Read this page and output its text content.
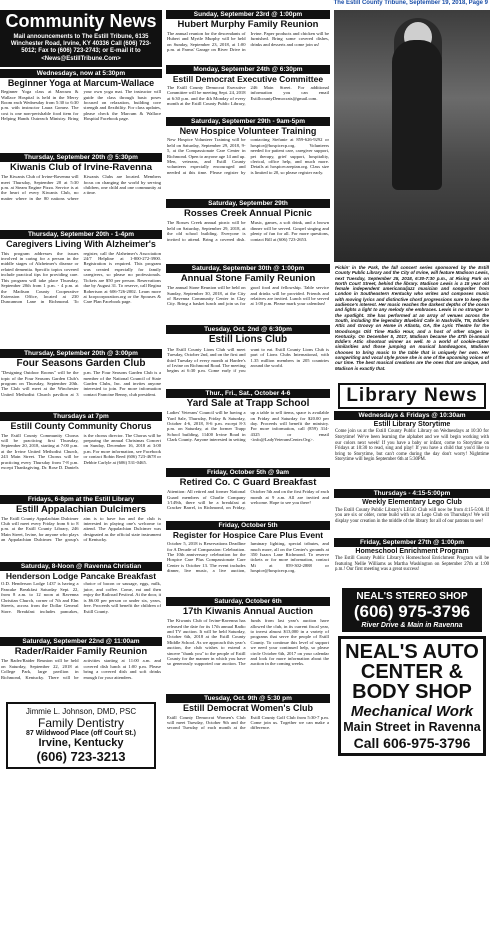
The Estill County Tribune, September 19, 2018, Page 9
Community News
Mail announcements to The Estill Tribune, 6135 Winchester Road, Irvine, KY 40336 Call (606) 723-5012; Fax to (606) 723-2743; or E-mail it to <News@EstillTribune.Com>
Wednesdays, now at 5:30pm
Beginner Yoga at Marcum-Wallace
Beginner Yoga class at Marcum & Wallace Hospital is held in the Merry Room each Wednesday from 5:30 to 6:30 p.m. with instructor Laura Gomez. The cost is one non-perishable food item for Helping Hands Outreach Ministry. Bring your own yoga mat. The instructor will guide the class through basic poses focused on relaxation, building core strength and flexibility. For class updates, please check the Marcum & Wallace Hospital Facebook page.
Thursday, September 20th @ 5:30pm
Kiwanis Club of Irvine-Ravenna
The Kiwanis Club of Irvine-Ravenna will meet Thursday, September 20 at 5:30 p.m. at Steam Engine Pizza. Service is at the heart of every Kiwanis Club, no matter where in the 80 nations where Kiwanis Clubs are located. Members focus on changing the world by serving children, one child and one community at a time.
Thursday, September 20th - 1-4pm
Caregivers Living With Alzheimer's
This program addresses the issues involved in caring for a person in the middle stages of Alzheimer's disease or related dementia. Specific topics covered include practical tips for providing care. This program will take place Thursday, September 20th from 1 p.m. - 4 p.m. at the Madison County Cooperative Extension Office, located at 230 Duncannon Lane in Richmond. To register, call the Alzheimer's Association 24/7 Helpline at 1-800-272-3900. Registration is required. This program was created especially for family caregivers, so please no professionals. Tickets are $50 per person. Reservations due by August 31. To reserve, call Regina Robertson at 606-726-2002. Learn more at kcopcorporation.org or the Spouses & Care Plan Facebook page.
Thursday, September 20th @ 3:00pm
Four Seasons Garden Club
"Designing Outdoor Rooms" will be the topic of the Four Seasons Garden Club's program on Thursday, September 20th. The Club will meet at the Winchester United Methodist Church pavilion at 3 p.m. The Four Seasons Garden Club is a member of the National Council of State Garden Clubs, Inc. and invites anyone interested to join. For more information contact Francine Benny, club president.
Thursdays at 7pm
Estill County Community Chorus
The Estill County Community Chorus will be practicing first Thursday, September 20, 2018, starting at 7:00 p.m. at the Irvine United Methodist Church, 243 Main Street. The Chorus will be practicing every Thursday from 7-8 p.m. except Thanksgiving. Dr. Rose D. Daniels is the chorus director. The Chorus will be preparing the annual Christmas Concert on Sunday, December 16, 2018 at 3:00 p.m. For more information, see Facebook or contact Robin Reed (606) 723-4678 or Debbie Carlyle at (606) 531-0465.
Fridays, 6-8pm at the Estill Library
Estill Appalachian Dulcimers
The Estill County Appalachian Dulcimer Club will meet every Friday from 6 to 8 p.m. at the Estill County Library, 246 Main Street, Irvine, for anyone who plays an Appalachian Dulcimer. The group's aim is to have fun and the club is interested in playing one's welcome to attend. The Appalachian Dulcimer was designated as the official state instrument of Kentucky.
Saturday, 8-Noon @ Ravenna Christian
Henderson Lodge Pancake Breakfast
O.D. Henderson Lodge 1437 is having a Pancake Breakfast Saturday Sept. 22, from 8 a.m. to 12 noon at Ravenna Christian Church, corner of 7th and Elm Streets, across from the Dollar General Store. Breakfast includes pancakes, choice of bacon or sausage, eggs, milk, juice, and coffee. Come, eat and then enjoy the Railroad Festival. At the door, it is $6.00 per person or under six, years, free. Proceeds will benefit the children of Estill County.
Saturday, September 22nd @ 11:00am
Rader/Raider Family Reunion
The Rader/Raider Reunion will be held on Saturday, September 22, 2018 at College Park, large pavilion in Richmond, Kentucky. There will be activities starting at 11:00 a.m. and covered dish lunch at 1:00 p.m. Please bring a covered dish and soft drinks enough for your attendees.
Jimmie L. Johnson, DMD, PSC
Family Dentistry
87 Wildwood Place (off Court St.)
Irvine, Kentucky
(606) 723-3213
Sunday, September 23rd @ 1:00pm
Hubert Murphy Family Reunion
The annual reunion for the descendants of Hubert and Myrtle Murphy will be held on Sunday, September 23, 2018, at 1:00 p.m. at Farms' Garage on River Drive in Irvine. Paper products and chicken will be furnished. Bring some covered dishes, drinks and desserts and come join us!
Monday, September 24th @ 6:30pm
Estill Democrat Executive Committee
The Estill County Democrat Executive Committee will be meeting Sept. 24, 2018 at 6:30 p.m. and the 4th Monday of every month at the Estill County Public Library, 246 Main Street. For additional information you can email EstillcountyDemocrats@gmail.com.
Saturday, September 29th - 9am-5pm
New Hospice Volunteer Training
New Hospice Volunteer Training will be held on Saturday, September 29, 2018, 9-5, at the Compassionate Care Center in Richmond. Open to anyone age 14 and up. Men, veterans, and Estill County volunteers especially encouraged and needed at this time. Please register by contacting Stefanie at 859-626-9292 or hospice@hospicecp.org. Volunteers needed for patient care, caregiver support, pet therapy, grief support, hospitality, clerical, office help, and much more. Details at hospicecarepian.org. Class size is limited to 20, so please register early.
Saturday, September 29th
Rosses Creek Annual Picnic
The Rosses Creek annual picnic will be held on Saturday, September 29, 2018, at the old school building. Everyone is invited to attend. Bring a covered dish. Music, games, a soft drink, and a brown dinner will be served. Gospel singing and plenty of fun for all. For more questions, contact Bill at (606) 723-2653.
Saturday, September 30th @ 1:00pm
Annual Stone Family Reunion
The annual Stone Reunion will be held on Sunday, September 30, 2018, at the City of Ravenna Community Center in Clay City. Bring a basket lunch and join us for good food and fellowship. Table service and drinks will be provided. Friends and relatives are invited. Lunch will be served at 1:00 p.m. Please mark your calendars!
Tuesday, Oct. 2nd @ 6:30pm
Estill Lions Club
The Estill County Lions Club will meet Tuesday, October 2nd, and on the first and third Tuesday of every month at Hardee's of Irvine on Richmond Road. The meeting begins at 6:30 p.m. Come early if you want to eat. Estill County Lions Club is part of Lions Clubs International, with 1.35 million members in 205 countries around the world.
Thur., Fri., Sat., October 4-6
Yard Sale at Trapp School
Ladies' Veterans' Council will be having a Yard Sale, Thursday, Friday & Saturday, October 4-6, 2018, 8-6 p.m. except 8-3 p.m. on Saturday, at the former Trapp School building, 11400 Irvine Road in Clark County. Anyone interested in setting up a table to sell items, space is available on Friday and Saturday for $20.00 per day. Proceeds will benefit the ministry. For more information, call (859) 314-4325 or email <info@LadyVeteransCenter.Org>.
Friday, October 5th @ 9am
Retired Co. C Guard Breakfast
Attention: All retired and former National Guard members of Charlie Company 1/149th, there will be a breakfast at Cracker Barrel, in Richmond, on Friday, October 5th and on the first Friday of each month at 9 a.m. All are invited and welcome. Hope to see you there!
Friday, October 5th
Register for Hospice Care Plus Event
October 5, 2018 is Reservations Deadline for A Decade of Compassion: Celebration. The 10th anniversary celebration for the Hospice Care Plus Compassionate Care Center is October 13. The event includes dinner, live music, a live auction, luminary lighting, special tributes, and much more, all on the Center's grounds at 350 Isaacs Lane Richmond. To reserve tickets or for more information, contact Mi at 859-302-2888 or hospice@hospicecp.org.
Saturday, October 6th
17th Kiwanis Annual Auction
The Kiwanis Club of Irvine-Ravenna has released the date for its 17th annual Radio and TV auction. It will be held Saturday, October 6th, 2018 at the Estill County Middle School. As we approach this year's auction, the club wishes to extend a sincere "thank you" to the people of Estill County for the manner in which you have so generously supported our auction. The funds from last year's auction have allowed the club, in its current fiscal year, to invest almost $13,000 in a variety of programs that serve the people of Estill County. To continue this level of support we need your continued help, so please circle October 6th, 2017 on your calendar and look for more information about the auction in the coming weeks.
Tuesday, Oct. 9th @ 5:30 pm
Estill Democrat Women's Club
Estill County Democrat Women's Club will meet Tuesday, October 9th and the second Tuesday of each month at the Estill County Golf Club from 5:30-7 p.m. Come join us. Together we can make a difference.
Pickin' in the Park, the fall concert series sponsored by the Estill County Public Library and the City of Irvine, will feature Madison Lewis, next Tuesday, September 25, 2018, 6:30-7:30 p.m., at Rising Park on North Court Street, behind the library. Madison Lewis is a 15 year old female independent americana/jazz musician and songwriter from London in Southeastern Kentucky who writes and composes music with moving lyrics and distinctive chord progressions sure to keep the audience's interest. Her music reaches the darkest depths of the ocean and lights a light to any melody she embraces. Lewis is no stranger to the spotlight. She has performed at an array of venues across the South, including the legendary Bluebird Cafe in Nashville, TN, Eddie's Attic and Groovy on Home in Atlanta, GA, the Lyric Theatre for the Woodsongs Old Time Radio Hour, and a host of other stages in Kentucky. On December 5, 2017, Madison became the 47th bi-annual Eddie's Attic shootout winner as well. In a world of cookie-cutter similarities and those jumping on musical bandwagons, Madison chooses to bring music to the table that is uniquely her own. Her songwriting and vocal style prove she is one of the upcoming voices of our time. The best musical creations are the ones that are unique, and Madison is exactly that.
Library News
Wednesdays & Fridays @ 10:30am
Estill Library Storytime
Come join us at the Estill County Public Library on Wednesdays at 10:30 for Storytime! We've been learning the alphabet and we will begin working with our colors next week! If you have a baby or infant, come to Storytime on Fridays at 10:30 to read, sing and play! If you have a child that you'd like to bring to Storytime, but can't come during the day don't worry! Nighttime Storytime will begin September 6th at 5:30PM.
Thursdays - 4:15-5:00pm
Weekly Elementary Lego Club
The Estill County Public Library's LEGO Club will now be from 4:15-5:00. If you are six or older, come build with us at Lego Club on Thursdays! We will display your creation in the middle of the library for all of our patrons to see!
Friday, September 27th @ 1:00pm
Homeschool Enrichment Program
The Estill County Public Library's Homeschool Enrichment Program will be featuring Nellie Williams as Martha Washington on September 27th at 1:00 p.m.! Our first meeting was a great success!
NEAL'S STEREO SHOP
(606) 975-3796
River Drive & Main in Ravenna
NEAL'S AUTO
CENTER &
BODY SHOP
Mechanical Work
Main Street in Ravenna
Call 606-975-3796
